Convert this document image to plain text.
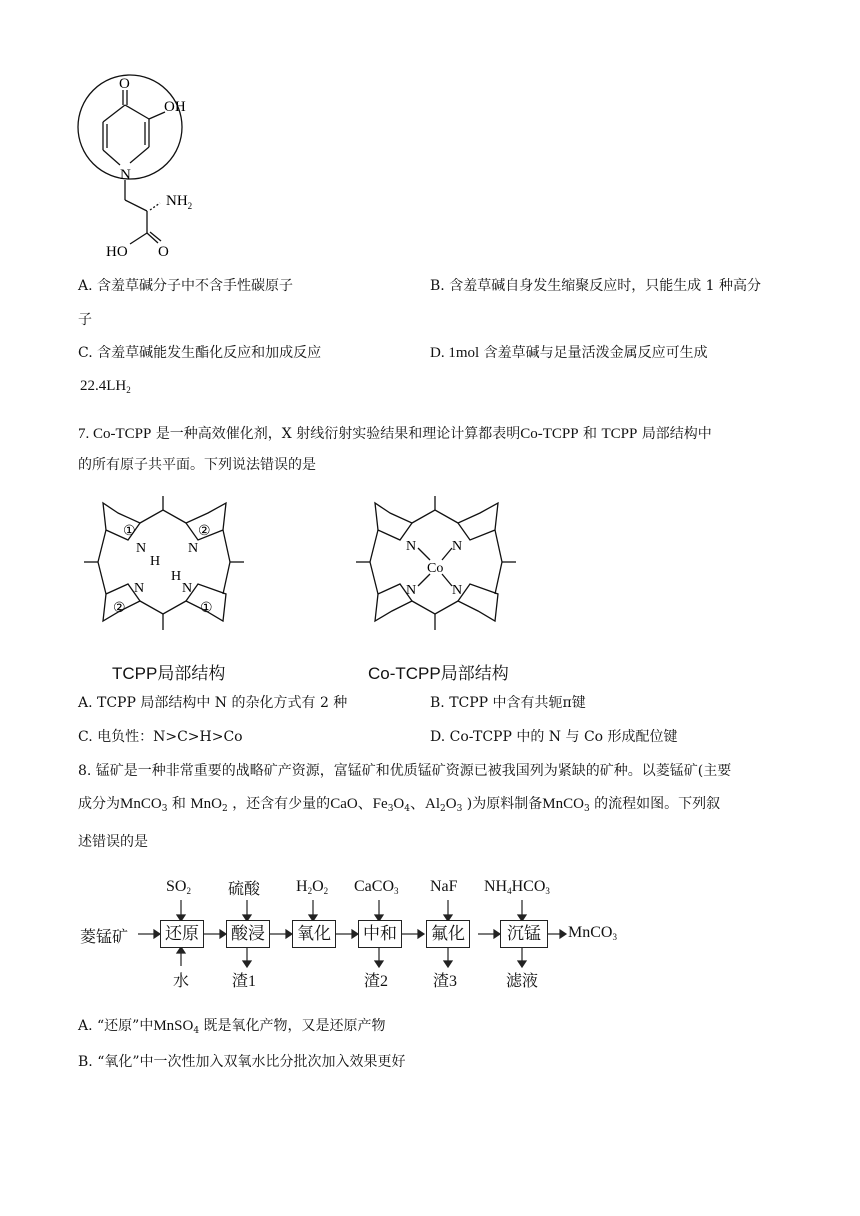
O
OH
N
$NH_2$
HO O
A. 含羞草碱分子中不含手性碳原子	B. 含羞草碱自身发生缩聚反应时，只能生成 1 种高分
子
C. 含羞草碱能发生酯化反应和加成反应	D. 1mol 含羞草碱与足量活泼金属反应可生成
$22.4LH_2$
7. Co-TCPP 是一种高效催化剂，X 射线衍射实验结果和理论计算都表明Co-TCPP 和 TCPP 局部结构中
的所有原子共平面。下列说法错误的是
①	②
②	①
N
H
N
H
N
N
TCPP局部结构
N	N
N	N
Co
Co-TCPP局部结构
A. TCPP 局部结构中 N 的杂化方式有 2 种	B. TCPP 中含有共轭π键
C. 电负性：N>C>H>Co	D. Co-TCPP 中的 N 与 Co 形成配位键
8. 锰矿是一种非常重要的战略矿产资源，富锰矿和优质锰矿资源已被我国列为紧缺的矿种。以菱锰矿(主要
成分为MnCO$_3$ 和 MnO$_2$ ，还含有少量的CaO、$Fe_3O_4$、$Al_2O_3$ )为原料制备MnCO$_3$ 的流程如图。下列叙
述错误的是
菱锰矿 还原 酸浸 氧化 中和 氟化	沉锰
$SO_2$ 硫酸 $H_2O_2$ CaCO$_3$ NaF $NH_4HCO_3$
水	渣1	渣2	渣3	滤液
MnCO$_3$
A. “还原”中MnSO$_4$ 既是氧化产物，又是还原产物
B. “氧化”中一次性加入双氧水比分批次加入效果更好
